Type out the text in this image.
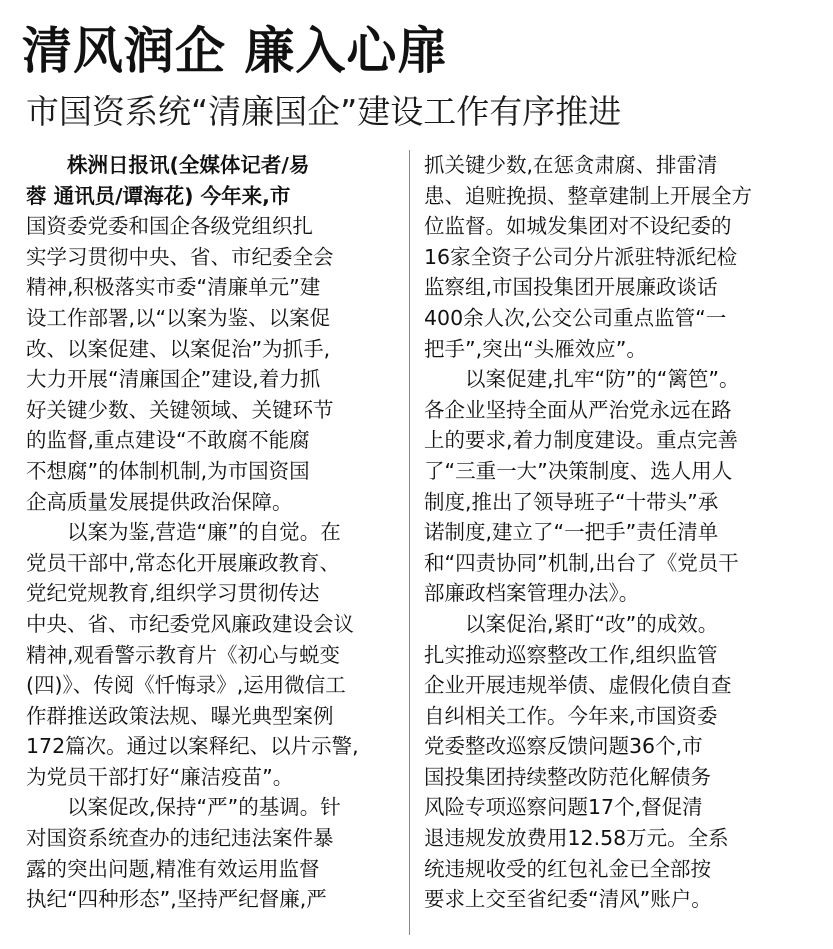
清风润企 廉入心扉
市国资系统“清廉国企”建设工作有序推进
株洲日报讯(全媒体记者/易
蓉 通讯员/谭海花) 今年来,市
国资委党委和国企各级党组织扎
实学习贯彻中央、省、市纪委全会
精神,积极落实市委“清廉单元”建
设工作部署,以“以案为鉴、以案促
改、以案促建、以案促治”为抓手,
大力开展“清廉国企”建设,着力抓
好关键少数、关键领域、关键环节
的监督,重点建设“不敢腐不能腐
不想腐”的体制机制,为市国资国
企高质量发展提供政治保障。
以案为鉴,营造“廉”的自觉。在
党员干部中,常态化开展廉政教育、
党纪党规教育,组织学习贯彻传达
中央、省、市纪委党风廉政建设会议
精神,观看警示教育片《初心与蜕变
(四)》、传阅《忏悔录》,运用微信工
作群推送政策法规、曝光典型案例
172篇次。通过以案释纪、以片示警,
为党员干部打好“廉洁疫苗”。
以案促改,保持“严”的基调。针
对国资系统查办的违纪违法案件暴
露的突出问题,精准有效运用监督
执纪“四种形态”,坚持严纪督廉,严
抓关键少数,在惩贪肃腐、排雷清
患、追赃挽损、整章建制上开展全方
位监督。如城发集团对不设纪委的
16家全资子公司分片派驻特派纪检
监察组,市国投集团开展廉政谈话
400余人次,公交公司重点监管“一
把手”,突出“头雁效应”。
以案促建,扎牢“防”的“篱笆”。
各企业坚持全面从严治党永远在路
上的要求,着力制度建设。重点完善
了“三重一大”决策制度、选人用人
制度,推出了领导班子“十带头”承
诺制度,建立了“一把手”责任清单
和“四责协同”机制,出台了《党员干
部廉政档案管理办法》。
以案促治,紧盯“改”的成效。
扎实推动巡察整改工作,组织监管
企业开展违规举债、虚假化债自查
自纠相关工作。今年来,市国资委
党委整改巡察反馈问题36个,市
国投集团持续整改防范化解债务
风险专项巡察问题17个,督促清
退违规发放费用12.58万元。全系
统违规收受的红包礼金已全部按
要求上交至省纪委“清风”账户。
